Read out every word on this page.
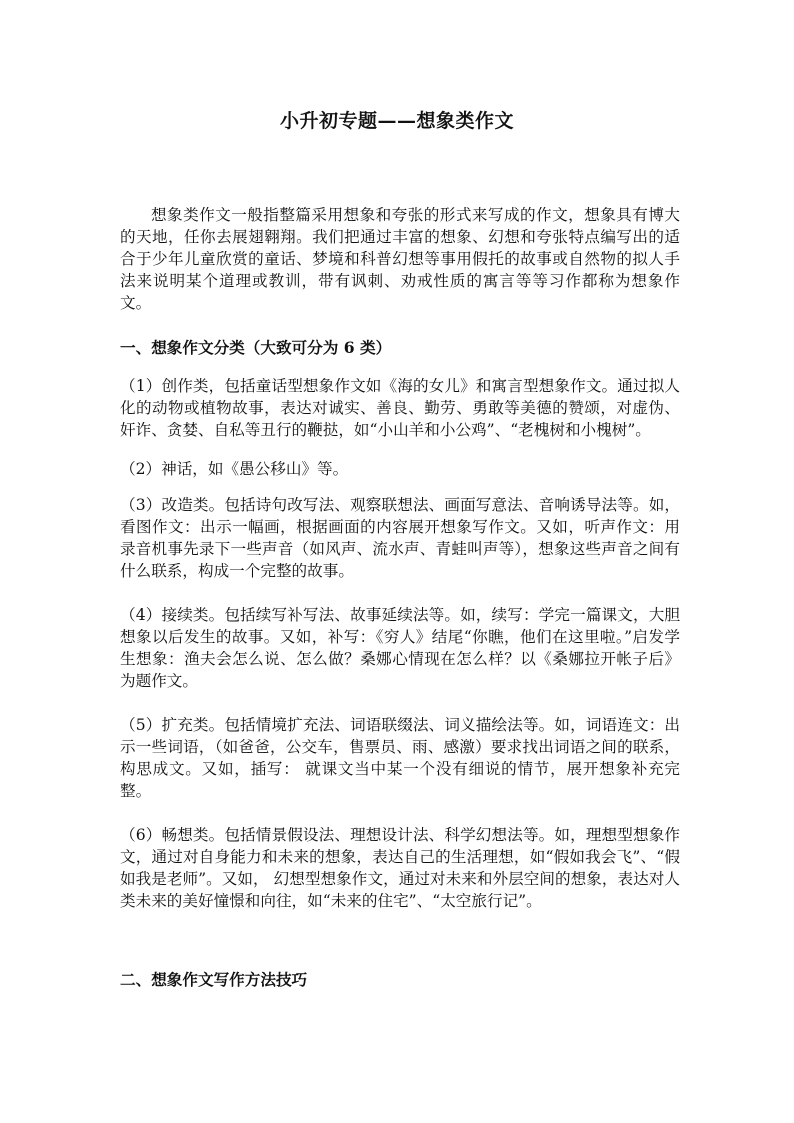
小升初专题——想象类作文

想象类作文一般指整篇采用想象和夸张的形式来写成的作文，想象具有博大的天地，任你去展翅翱翔。我们把通过丰富的想象、幻想和夸张特点编写出的适合于少年儿童欣赏的童话、梦境和科普幻想等事用假托的故事或自然物的拟人手法来说明某个道理或教训，带有讽刺、劝戒性质的寓言等等习作都称为想象作文。

一、想象作文分类（大致可分为 6 类）

（1）创作类，包括童话型想象作文如《海的女儿》和寓言型想象作文。通过拟人化的动物或植物故事，表达对诚实、善良、勤劳、勇敢等美德的赞颂，对虚伪、奸诈、贪婪、自私等丑行的鞭挞，如“小山羊和小公鸡”、“老槐树和小槐树”。

（2）神话，如《愚公移山》等。

（3）改造类。包括诗句改写法、观察联想法、画面写意法、音响诱导法等。如，看图作文：出示一幅画，根据画面的内容展开想象写作文。又如，听声作文：用录音机事先录下一些声音（如风声、流水声、青蛙叫声等），想象这些声音之间有什么联系，构成一个完整的故事。

（4）接续类。包括续写补写法、故事延续法等。如，续写：学完一篇课文，大胆想象以后发生的故事。又如，补写：《穷人》结尾“你瞧，他们在这里啦。”启发学生想象：渔夫会怎么说、怎么做？桑娜心情现在怎么样？以《桑娜拉开帐子后》为题作文。

（5）扩充类。包括情境扩充法、词语联缀法、词义描绘法等。如，词语连文：出示一些词语，（如爸爸，公交车，售票员、雨、感激）要求找出词语之间的联系，构思成文。又如，插写： 就课文当中某一个没有细说的情节，展开想象补充完整。

（6）畅想类。包括情景假设法、理想设计法、科学幻想法等。如，理想型想象作文，通过对自身能力和未来的想象，表达自己的生活理想，如“假如我会飞”、“假如我是老师”。又如， 幻想型想象作文，通过对未来和外层空间的想象，表达对人类未来的美好憧憬和向往，如“未来的住宅”、“太空旅行记”。

二、想象作文写作方法技巧
